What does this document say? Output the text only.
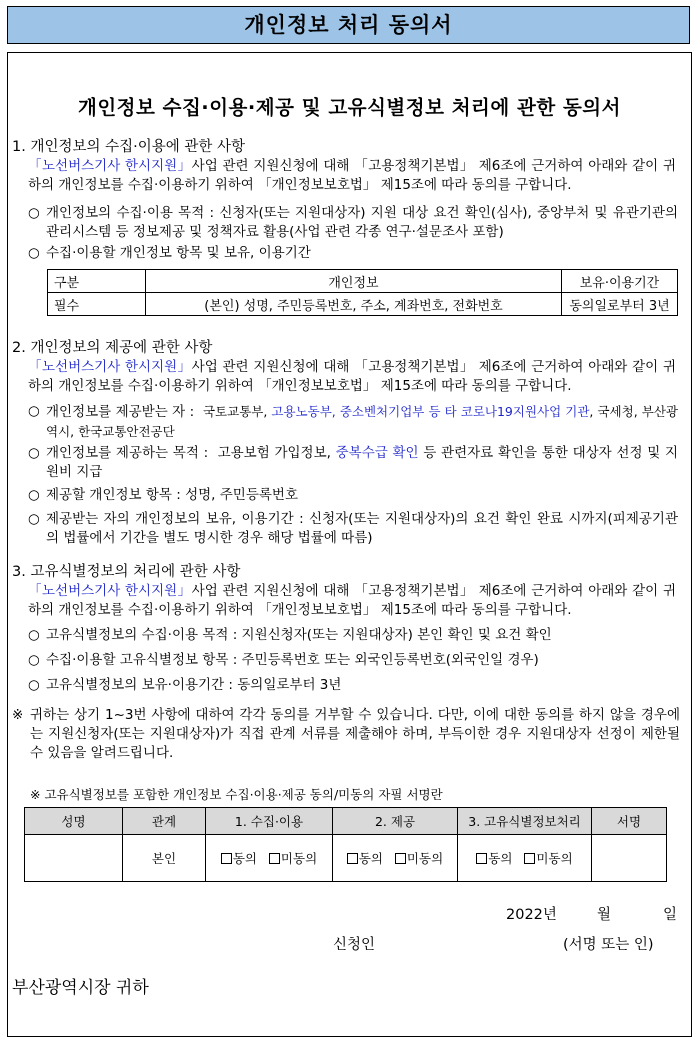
개인정보 처리 동의서
개인정보 수집·이용·제공 및 고유식별정보 처리에 관한 동의서
1. 개인정보의 수집·이용에 관한 사항
「노선버스기사 한시지원」사업 관련 지원신청에 대해 「고용정책기본법」 제6조에 근거하여 아래와 같이 귀하의 개인정보를 수집·이용하기 위하여 「개인정보보호법」 제15조에 따라 동의를 구합니다.
○ 개인정보의 수집·이용 목적 : 신청자(또는 지원대상자) 지원 대상 요건 확인(심사), 중앙부처 및 유관기관의 관리시스템 등 정보제공 및 정책자료 활용(사업 관련 각종 연구·설문조사 포함)
○ 수집·이용할 개인정보 항목 및 보유, 이용기간
구분	개인정보	보유·이용기간
필수	(본인) 성명, 주민등록번호, 주소, 계좌번호, 전화번호	동의일로부터 3년
2. 개인정보의 제공에 관한 사항
「노선버스기사 한시지원」사업 관련 지원신청에 대해 「고용정책기본법」 제6조에 근거하여 아래와 같이 귀하의 개인정보를 수집·이용하기 위하여 「개인정보보호법」 제15조에 따라 동의를 구합니다.
○ 개인정보를 제공받는 자 :  국토교통부, 고용노동부, 중소벤처기업부 등 타 코로나19지원사업 기관, 국세청, 부산광역시, 한국교통안전공단
○ 개인정보를 제공하는 목적 :  고용보험 가입정보, 중복수급 확인 등 관련자료 확인을 통한 대상자 선정 및 지원비 지급
○ 제공할 개인정보 항목 : 성명, 주민등록번호
○ 제공받는 자의 개인정보의 보유, 이용기간 : 신청자(또는 지원대상자)의 요건 확인 완료 시까지(피제공기관의 법률에서 기간을 별도 명시한 경우 해당 법률에 따름)
3. 고유식별정보의 처리에 관한 사항
「노선버스기사 한시지원」사업 관련 지원신청에 대해 「고용정책기본법」 제6조에 근거하여 아래와 같이 귀하의 개인정보를 수집·이용하기 위하여 「개인정보보호법」 제15조에 따라 동의를 구합니다.
○ 고유식별정보의 수집·이용 목적 : 지원신청자(또는 지원대상자) 본인 확인 및 요건 확인
○ 수집·이용할 고유식별정보 항목 : 주민등록번호 또는 외국인등록번호(외국인일 경우)
○ 고유식별정보의 보유·이용기간 : 동의일로부터 3년
※ 귀하는 상기 1~3번 사항에 대하여 각각 동의를 거부할 수 있습니다. 다만, 이에 대한 동의를 하지 않을 경우에는 지원신청자(또는 지원대상자)가 직접 관계 서류를 제출해야 하며, 부득이한 경우 지원대상자 선정이 제한될 수 있음을 알려드립니다.
※ 고유식별정보를 포함한 개인정보 수집·이용·제공 동의/미동의 자필 서명란
성명	관계	1. 수집·이용	2. 제공	3. 고유식별정보처리	서명
	본인	동의 미동의	동의 미동의	동의 미동의	
2022년	월	일
신청인	(서명 또는 인)
부산광역시장 귀하
